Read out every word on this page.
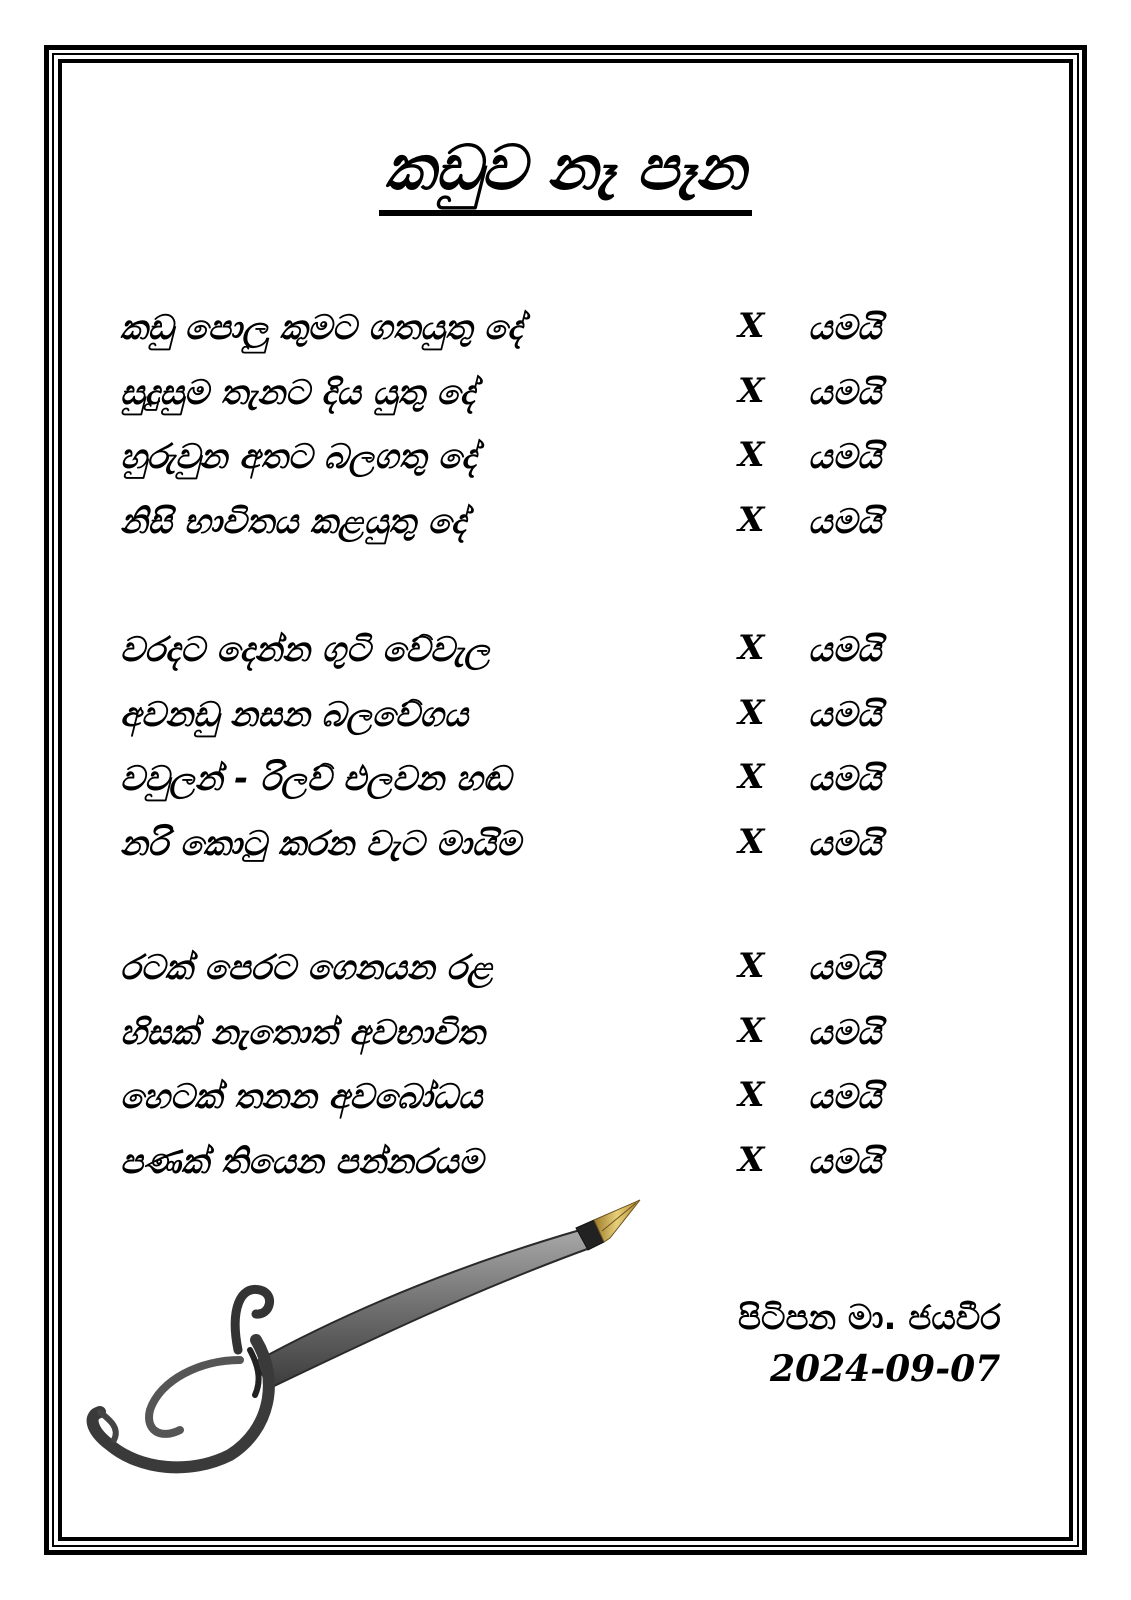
කඩුව නෑ පෑන
කඩු පොලු කුමට ගතයුතු දේ	X යමයි
සුදුසුම තැනට දිය යුතු දේ	X යමයි
හුරුවුන අතට බලගතු දේ	X යමයි
නිසි භාවිතය කළයුතු දේ	X යමයි
වරදට දෙන්න ගුටි වේවැල	X යමයි
අවනඩු නසන බලවේගය	X යමයි
වවුලන් - රිලව් එලවන හඬ	X යමයි
නරි කොටු කරන වැට මායිම	X යමයි
රටක් පෙරට ගෙනයන රළ	X යමයි
හිසක් නැතොත් අවභාවිත	X යමයි
හෙටක් තනන අවබෝධය	X යමයි
පණක් තියෙන පන්නරයම	X යමයි
පිටිපන මා. ජයවීර
2024-09-07
